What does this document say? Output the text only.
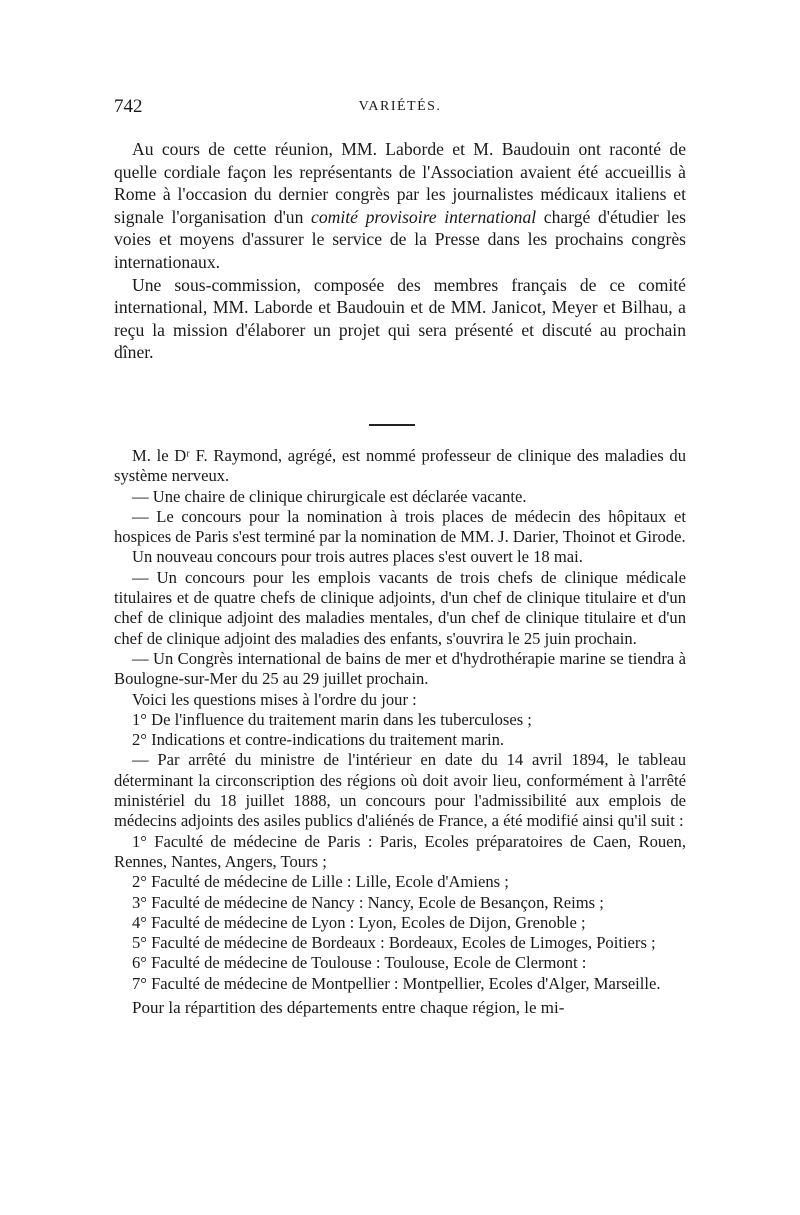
742	VARIÉTÉS.

Au cours de cette réunion, MM. Laborde et M. Baudouin ont raconté de quelle cordiale façon les représentants de l'Association avaient été accueillis à Rome à l'occasion du dernier congrès par les journalistes médicaux italiens et signale l'organisation d'un comité provisoire international chargé d'étudier les voies et moyens d'assurer le service de la Presse dans les prochains congrès internationaux.

Une sous-commission, composée des membres français de ce comité international, MM. Laborde et Baudouin et de MM. Janicot, Meyer et Bilhau, a reçu la mission d'élaborer un projet qui sera présenté et discuté au prochain dîner.

M. le Dʳ F. Raymond, agrégé, est nommé professeur de clinique des maladies du système nerveux.

— Une chaire de clinique chirurgicale est déclarée vacante.

— Le concours pour la nomination à trois places de médecin des hôpitaux et hospices de Paris s'est terminé par la nomination de MM. J. Darier, Thoinot et Girode.

Un nouveau concours pour trois autres places s'est ouvert le 18 mai.

— Un concours pour les emplois vacants de trois chefs de clinique médicale titulaires et de quatre chefs de clinique adjoints, d'un chef de clinique titulaire et d'un chef de clinique adjoint des maladies mentales, d'un chef de clinique titulaire et d'un chef de clinique adjoint des maladies des enfants, s'ouvrira le 25 juin prochain.

— Un Congrès international de bains de mer et d'hydrothérapie marine se tiendra à Boulogne-sur-Mer du 25 au 29 juillet prochain.

Voici les questions mises à l'ordre du jour :

1° De l'influence du traitement marin dans les tuberculoses ;

2° Indications et contre-indications du traitement marin.

— Par arrêté du ministre de l'intérieur en date du 14 avril 1894, le tableau déterminant la circonscription des régions où doit avoir lieu, conformément à l'arrêté ministériel du 18 juillet 1888, un concours pour l'admissibilité aux emplois de médecins adjoints des asiles publics d'aliénés de France, a été modifié ainsi qu'il suit :

1° Faculté de médecine de Paris : Paris, Ecoles préparatoires de Caen, Rouen, Rennes, Nantes, Angers, Tours ;

2° Faculté de médecine de Lille : Lille, Ecole d'Amiens ;

3° Faculté de médecine de Nancy : Nancy, Ecole de Besançon, Reims ;

4° Faculté de médecine de Lyon : Lyon, Ecoles de Dijon, Grenoble ;

5° Faculté de médecine de Bordeaux : Bordeaux, Ecoles de Limoges, Poitiers ;

6° Faculté de médecine de Toulouse : Toulouse, Ecole de Clermont :

7° Faculté de médecine de Montpellier : Montpellier, Ecoles d'Alger, Marseille.

Pour la répartition des départements entre chaque région, le mi-
